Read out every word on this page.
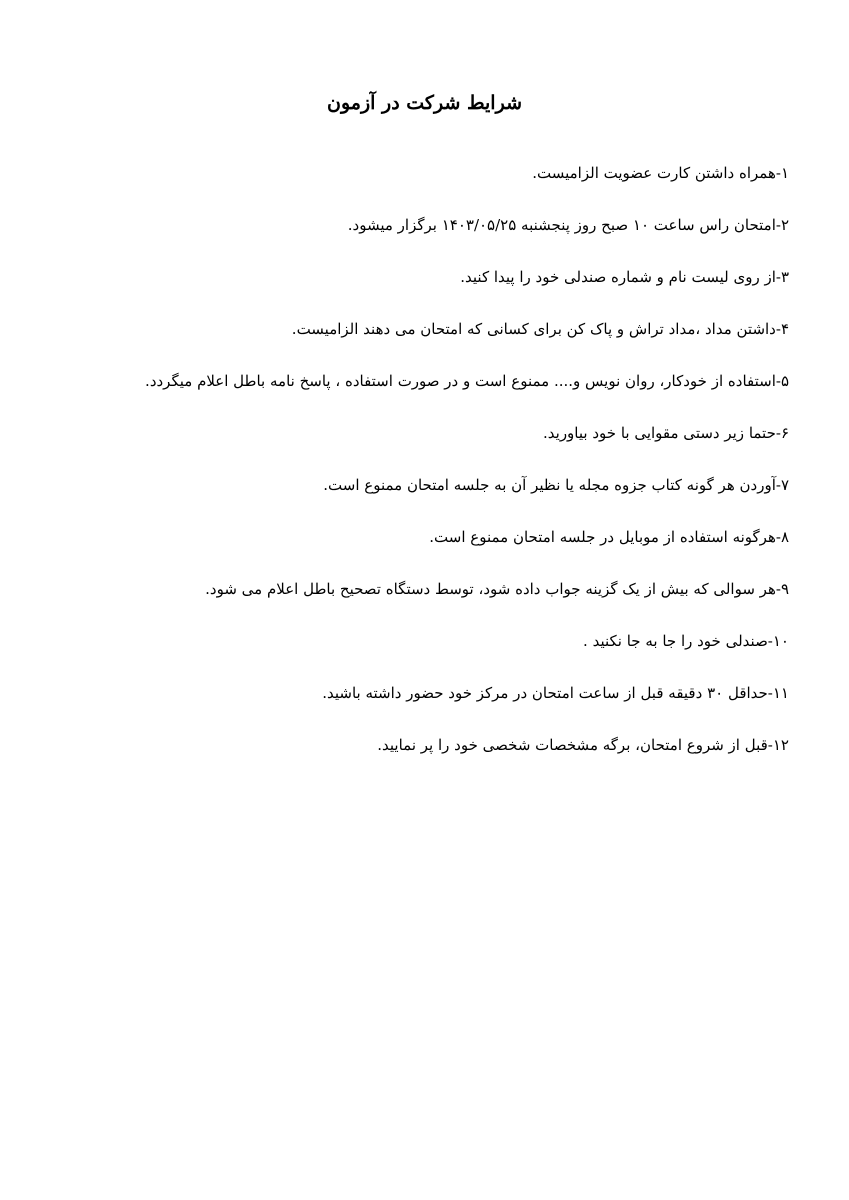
شرایط شرکت در آزمون
۱-همراه داشتن کارت عضویت الزامیست.
۲-امتحان راس ساعت ۱۰ صبح روز پنجشنبه ۱۴۰۳/۰۵/۲۵ برگزار میشود.
۳-از روی لیست نام و شماره صندلی خود را پیدا کنید.
۴-داشتن مداد ،مداد تراش و پاک کن برای کسانی که امتحان می دهند الزامیست.
۵-استفاده از خودکار، روان نویس و.... ممنوع است و در صورت استفاده ، پاسخ نامه باطل اعلام میگردد.
۶-حتما زیر دستی مقوایی با خود بیاورید.
۷-آوردن هر گونه کتاب جزوه مجله یا نظیر آن به جلسه امتحان ممنوع است.
۸-هرگونه استفاده از موبایل در جلسه امتحان ممنوع است.
۹-هر سوالی که بیش از یک گزینه جواب داده شود، توسط دستگاه تصحیح باطل اعلام می شود.
۱۰-صندلی خود را جا به جا نکنید .
۱۱-حداقل ۳۰ دقیقه قبل از ساعت امتحان در مرکز خود حضور داشته باشید.
۱۲-قبل از شروع امتحان، برگه مشخصات شخصی خود را پر نمایید.
